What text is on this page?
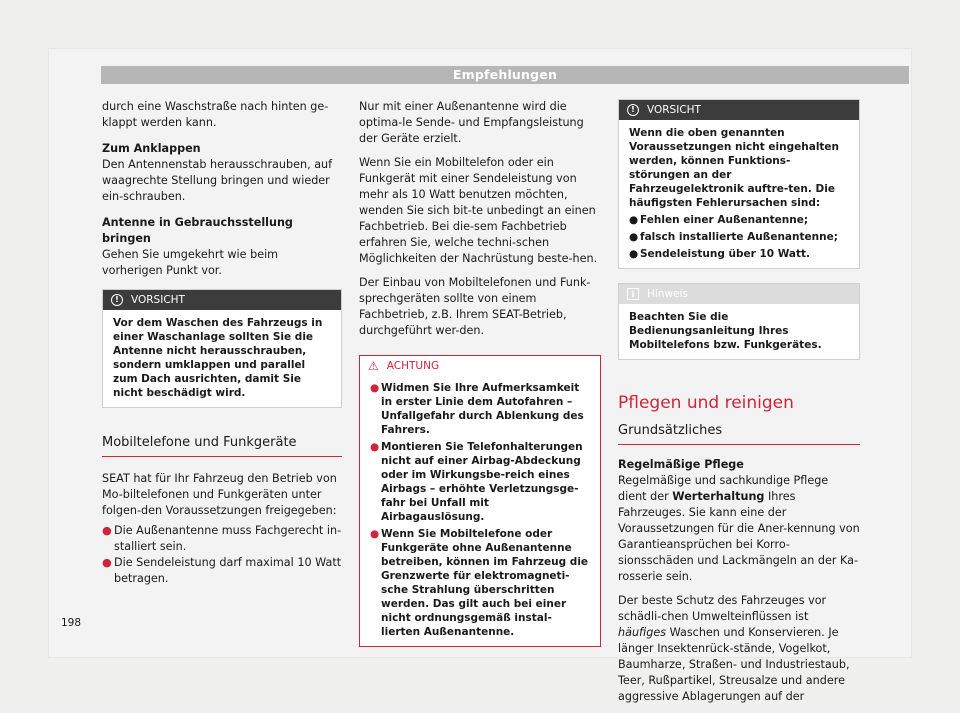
Empfehlungen

durch eine Waschstraße nach hinten ge-klappt werden kann.

Zum Anklappen

Den Antennenstab herausschrauben, auf waagrechte Stellung bringen und wieder ein-schrauben.

Antenne in Gebrauchsstellung bringen

Gehen Sie umgekehrt wie beim vorherigen Punkt vor.

!	VORSICHT
Vor dem Waschen des Fahrzeugs in einer Waschanlage sollten Sie die Antenne nicht herausschrauben, sondern umklappen und parallel zum Dach ausrichten, damit Sie nicht beschädigt wird.
Mobiltelefone und Funkgeräte

SEAT hat für Ihr Fahrzeug den Betrieb von Mo-biltelefonen und Funkgeräten unter folgen-den Voraussetzungen freigegeben:

● Die Außenantenne muss Fachgerecht in-stalliert sein.
● Die Sendeleistung darf maximal 10 Watt betragen.

Nur mit einer Außenantenne wird die optima-le Sende- und Empfangsleistung der Geräte erzielt.

Wenn Sie ein Mobiltelefon oder ein Funkgerät mit einer Sendeleistung von mehr als 10 Watt benutzen möchten, wenden Sie sich bit-te unbedingt an einen Fachbetrieb. Bei die-sem Fachbetrieb erfahren Sie, welche techni-schen Möglichkeiten der Nachrüstung beste-hen.

Der Einbau von Mobiltelefonen und Funk-sprechgeräten sollte von einem Fachbetrieb, z.B. Ihrem SEAT-Betrieb, durchgeführt wer-den.

⚠ ACHTUNG
● Widmen Sie Ihre Aufmerksamkeit in erster Linie dem Autofahren – Unfallgefahr durch Ablenkung des Fahrers.
● Montieren Sie Telefonhalterungen nicht auf einer Airbag-Abdeckung oder im Wirkungsbe-reich eines Airbags – erhöhte Verletzungsge-fahr bei Unfall mit Airbagauslösung.
● Wenn Sie Mobiltelefone oder Funkgeräte ohne Außenantenne betreiben, können im Fahrzeug die Grenzwerte für elektromagneti-sche Strahlung überschritten werden. Das gilt auch bei einer nicht ordnungsgemäß instal-lierten Außenantenne.
!	VORSICHT
Wenn die oben genannten Voraussetzungen nicht eingehalten werden, können Funktions-störungen an der Fahrzeugelektronik auftre-ten. Die häufigsten Fehlerursachen sind:
● Fehlen einer Außenantenne;
● falsch installierte Außenantenne;
● Sendeleistung über 10 Watt.
i	Hinweis
Beachten Sie die Bedienungsanleitung Ihres Mobiltelefons bzw. Funkgerätes.
Pflegen und reinigen
Grundsätzliches

Regelmäßige Pflege

Regelmäßige und sachkundige Pflege dient der Werterhaltung Ihres Fahrzeuges. Sie kann eine der Voraussetzungen für die Aner-kennung von Garantieansprüchen bei Korro-sionsschäden und Lackmängeln an der Ka-rosserie sein.

Der beste Schutz des Fahrzeuges vor schädli-chen Umwelteinflüssen ist häufiges Waschen und Konservieren. Je länger Insektenrück-stände, Vogelkot, Baumharze, Straßen- und Industriestaub, Teer, Rußpartikel, Streusalze und andere aggressive Ablagerungen auf der

198
